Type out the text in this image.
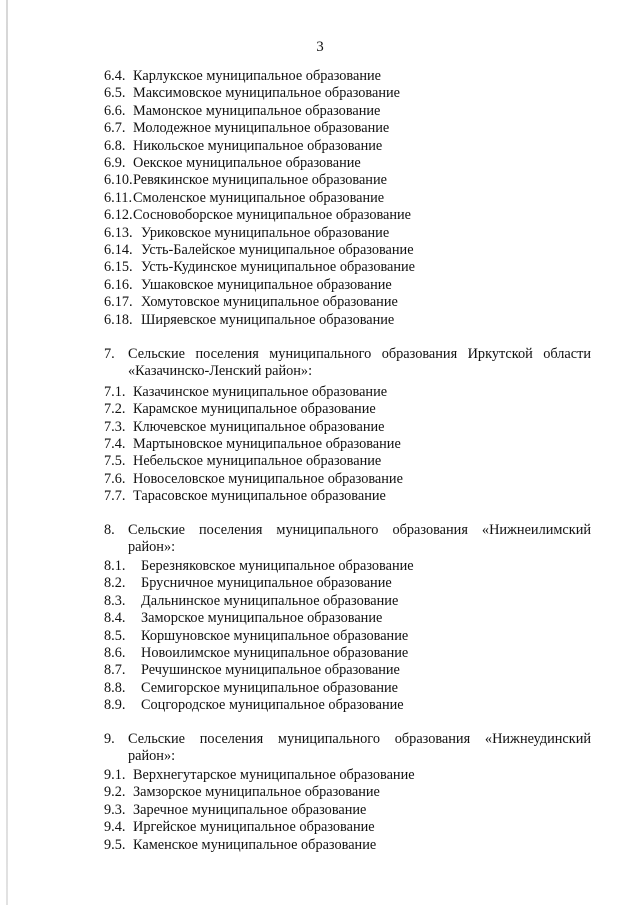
3
6.4. Карлукское муниципальное образование
6.5. Максимовское муниципальное образование
6.6. Мамонское муниципальное образование
6.7. Молодежное муниципальное образование
6.8. Никольское муниципальное образование
6.9. Оекское муниципальное образование
6.10.Ревякинское муниципальное образование
6.11.Смоленское муниципальное образование
6.12.Сосновоборское муниципальное образование
6.13. Уриковское муниципальное образование
6.14. Усть-Балейское муниципальное образование
6.15. Усть-Кудинское муниципальное образование
6.16. Ушаковское муниципальное образование
6.17. Хомутовское муниципальное образование
6.18. Ширяевское муниципальное образование
7. Сельские поселения муниципального образования Иркутской области
«Казачинско-Ленский район»:
7.1. Казачинское муниципальное образование
7.2. Карамское муниципальное образование
7.3. Ключевское муниципальное образование
7.4. Мартыновское муниципальное образование
7.5. Небельское муниципальное образование
7.6. Новоселовское муниципальное образование
7.7. Тарасовское муниципальное образование
8. Сельские поселения муниципального образования «Нижнеилимский
район»:
8.1. Березняковское муниципальное образование
8.2. Брусничное муниципальное образование
8.3. Дальнинское муниципальное образование
8.4. Заморское муниципальное образование
8.5. Коршуновское муниципальное образование
8.6. Новоилимское муниципальное образование
8.7. Речушинское муниципальное образование
8.8. Семигорское муниципальное образование
8.9. Соцгородское муниципальное образование
9. Сельские поселения муниципального образования «Нижнеудинский
район»:
9.1. Верхнегутарское муниципальное образование
9.2. Замзорское муниципальное образование
9.3. Заречное муниципальное образование
9.4. Иргейское муниципальное образование
9.5. Каменское муниципальное образование
